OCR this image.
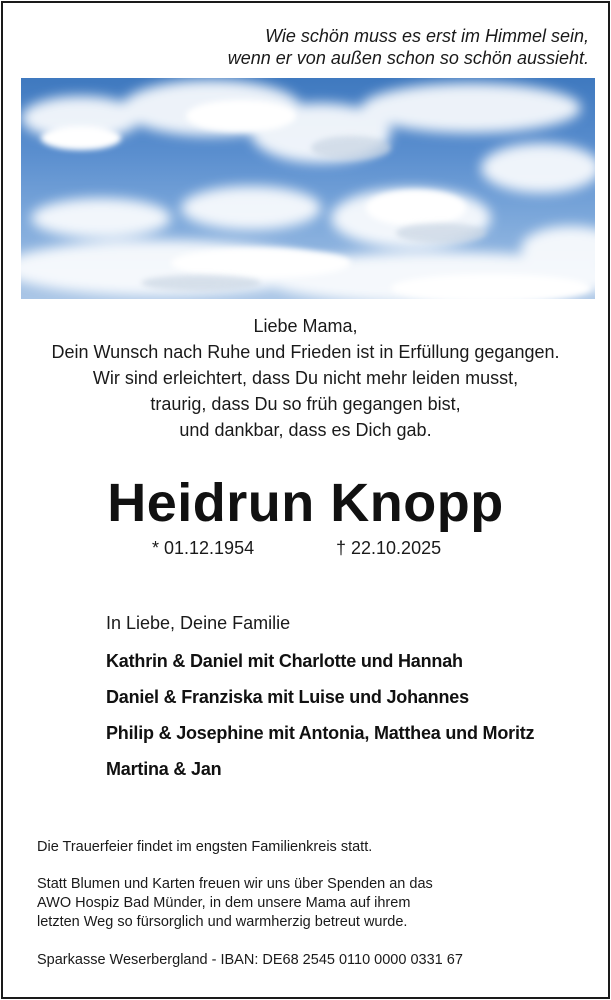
Wie schön muss es erst im Himmel sein,
wenn er von außen schon so schön aussieht.
Liebe Mama,
Dein Wunsch nach Ruhe und Frieden ist in Erfüllung gegangen.
Wir sind erleichtert, dass Du nicht mehr leiden musst,
traurig, dass Du so früh gegangen bist,
und dankbar, dass es Dich gab.
Heidrun Knopp
* 01.12.1954	† 22.10.2025
In Liebe, Deine Familie
Kathrin & Daniel mit Charlotte und Hannah
Daniel & Franziska mit Luise und Johannes
Philip & Josephine mit Antonia, Matthea und Moritz
Martina & Jan
Die Trauerfeier findet im engsten Familienkreis statt.
Statt Blumen und Karten freuen wir uns über Spenden an das
AWO Hospiz Bad Münder, in dem unsere Mama auf ihrem
letzten Weg so fürsorglich und warmherzig betreut wurde.
Sparkasse Weserbergland - IBAN: DE68 2545 0110 0000 0331 67
